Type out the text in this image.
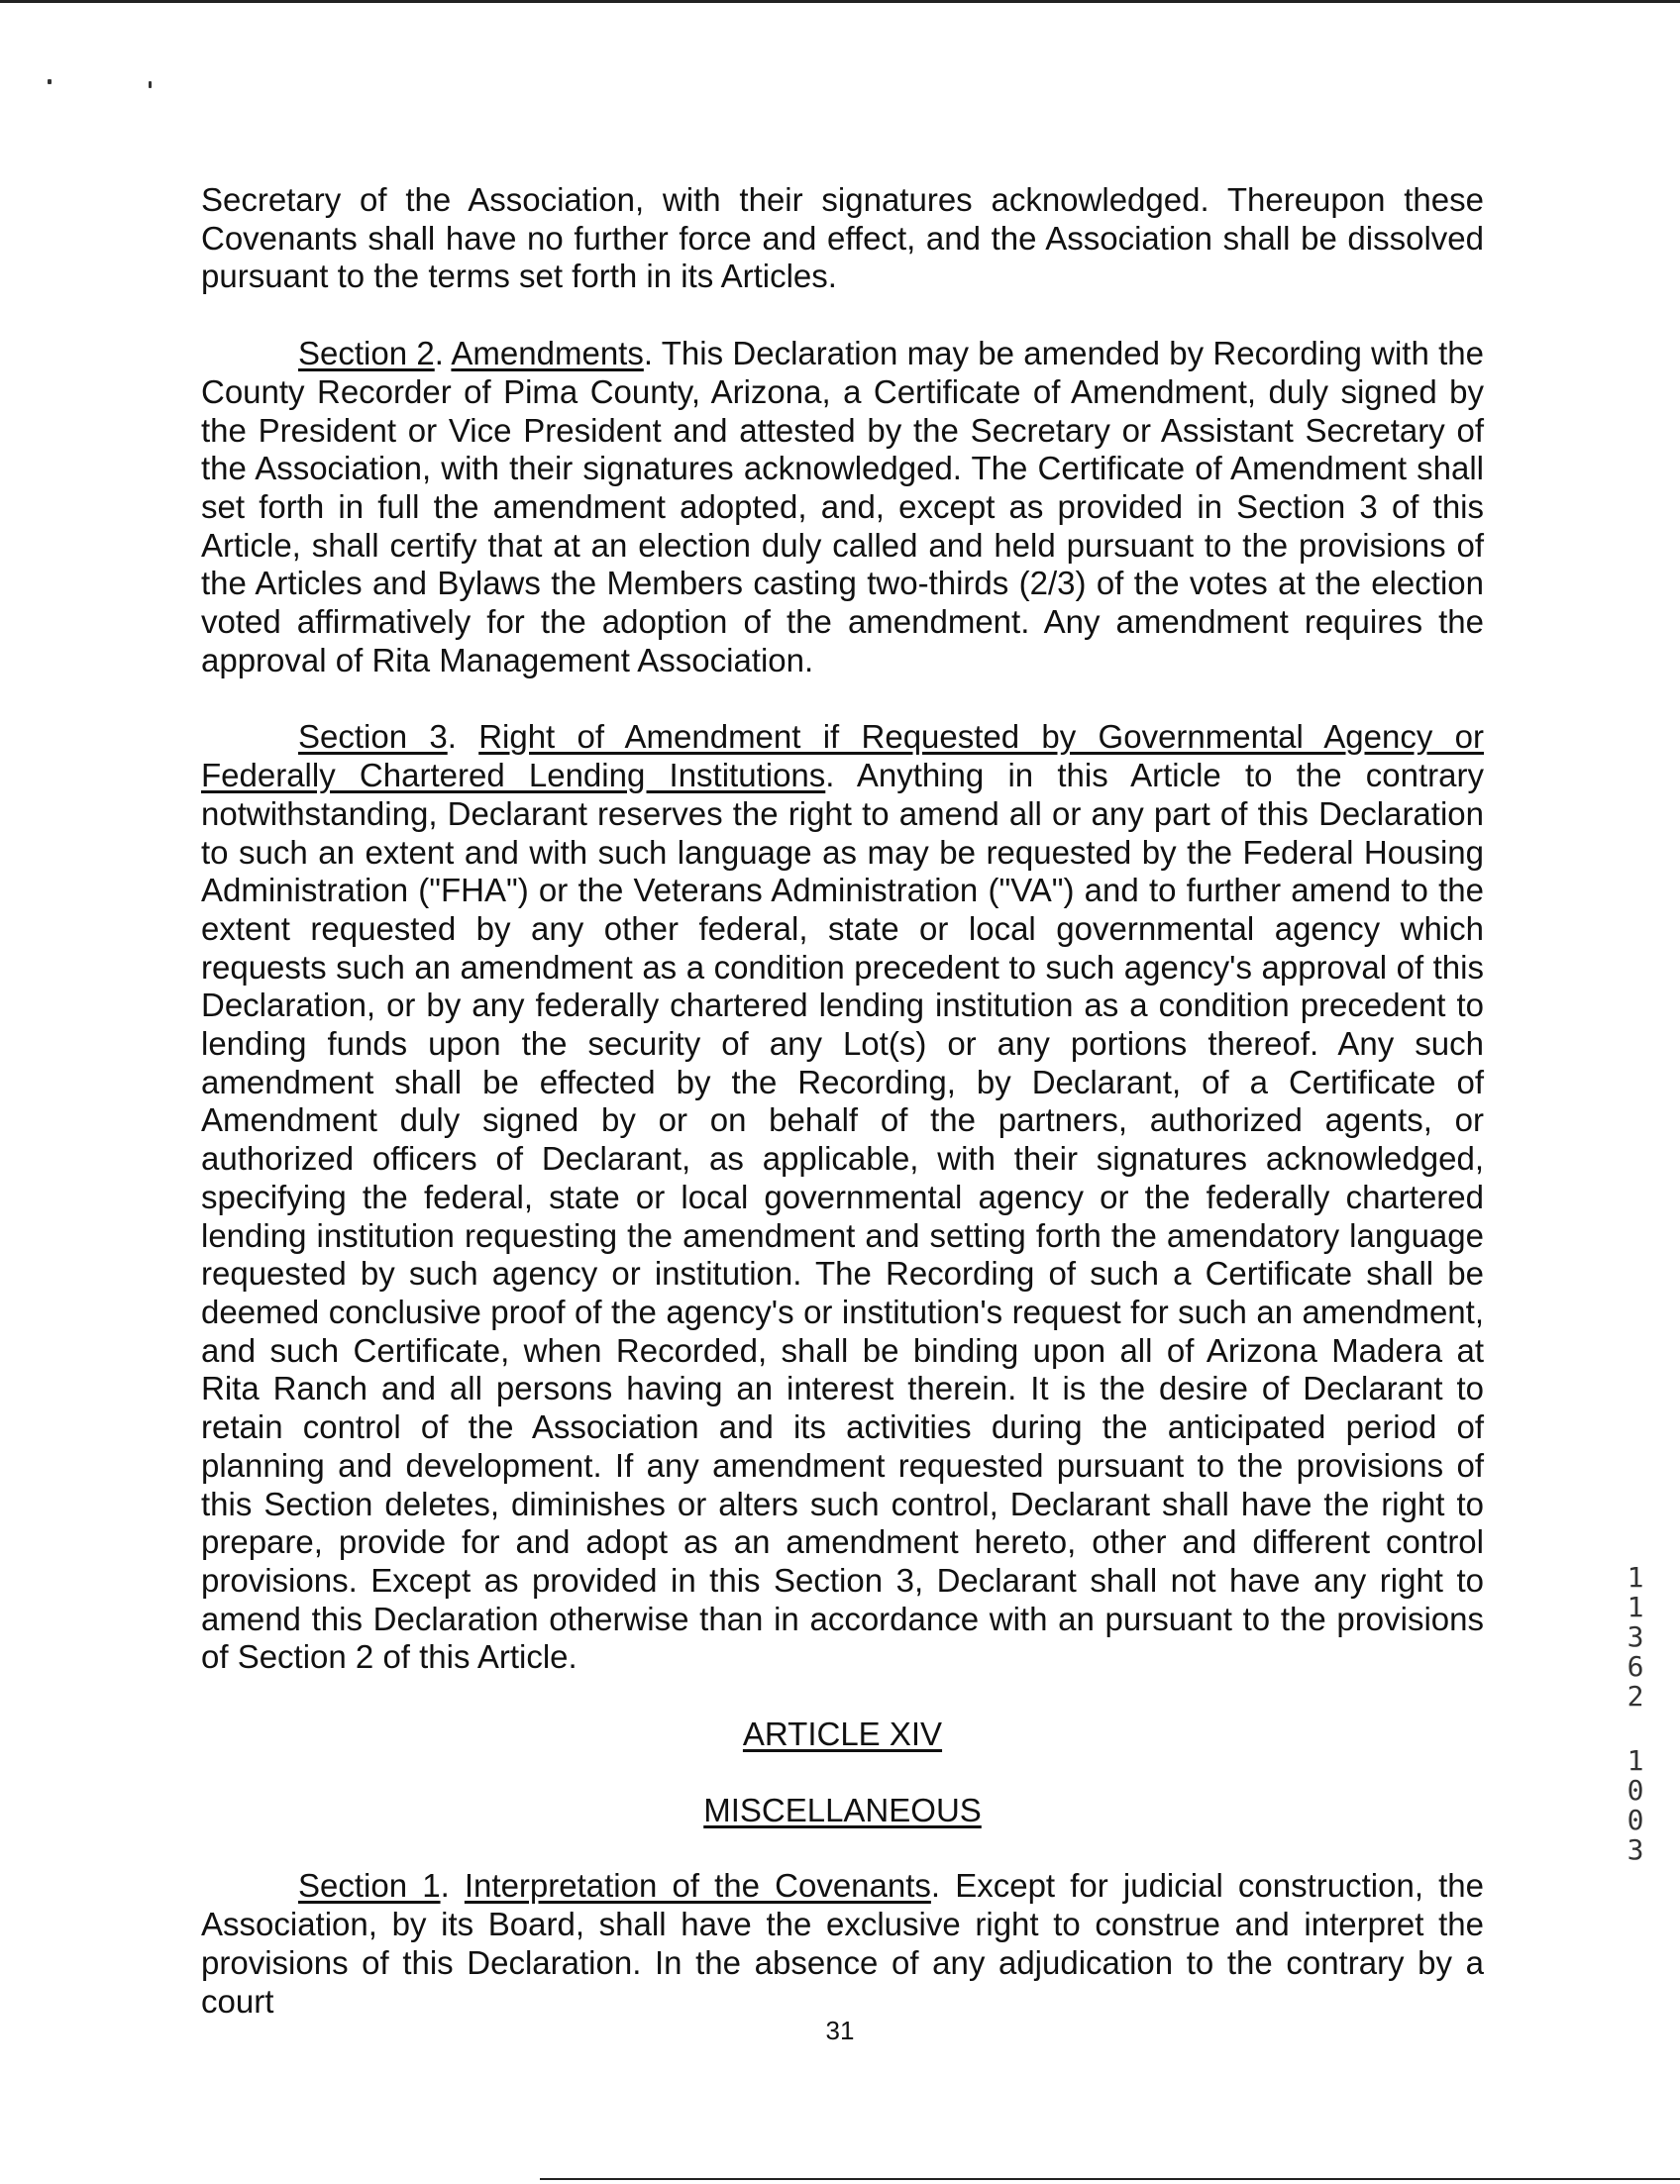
Secretary of the Association, with their signatures acknowledged. Thereupon these Covenants shall have no further force and effect, and the Association shall be dissolved pursuant to the terms set forth in its Articles.

Section 2. Amendments. This Declaration may be amended by Recording with the County Recorder of Pima County, Arizona, a Certificate of Amendment, duly signed by the President or Vice President and attested by the Secretary or Assistant Secretary of the Association, with their signatures acknowledged. The Certificate of Amendment shall set forth in full the amendment adopted, and, except as provided in Section 3 of this Article, shall certify that at an election duly called and held pursuant to the provisions of the Articles and Bylaws the Members casting two-thirds (2/3) of the votes at the election voted affirmatively for the adoption of the amendment. Any amendment requires the approval of Rita Management Association.

Section 3. Right of Amendment if Requested by Governmental Agency or Federally Chartered Lending Institutions. Anything in this Article to the contrary notwithstanding, Declarant reserves the right to amend all or any part of this Declaration to such an extent and with such language as may be requested by the Federal Housing Administration ("FHA") or the Veterans Administration ("VA") and to further amend to the extent requested by any other federal, state or local governmental agency which requests such an amendment as a condition precedent to such agency's approval of this Declaration, or by any federally chartered lending institution as a condition precedent to lending funds upon the security of any Lot(s) or any portions thereof. Any such amendment shall be effected by the Recording, by Declarant, of a Certificate of Amendment duly signed by or on behalf of the partners, authorized agents, or authorized officers of Declarant, as applicable, with their signatures acknowledged, specifying the federal, state or local governmental agency or the federally chartered lending institution requesting the amendment and setting forth the amendatory language requested by such agency or institution. The Recording of such a Certificate shall be deemed conclusive proof of the agency's or institution's request for such an amendment, and such Certificate, when Recorded, shall be binding upon all of Arizona Madera at Rita Ranch and all persons having an interest therein. It is the desire of Declarant to retain control of the Association and its activities during the anticipated period of planning and development. If any amendment requested pursuant to the provisions of this Section deletes, diminishes or alters such control, Declarant shall have the right to prepare, provide for and adopt as an amendment hereto, other and different control provisions. Except as provided in this Section 3, Declarant shall not have any right to amend this Declaration otherwise than in accordance with an pursuant to the provisions of Section 2 of this Article.

ARTICLE XIV
MISCELLANEOUS

Section 1. Interpretation of the Covenants. Except for judicial construction, the Association, by its Board, shall have the exclusive right to construe and interpret the provisions of this Declaration. In the absence of any adjudication to the contrary by a court

31
1
1
3
6
2
1
0
0
3
